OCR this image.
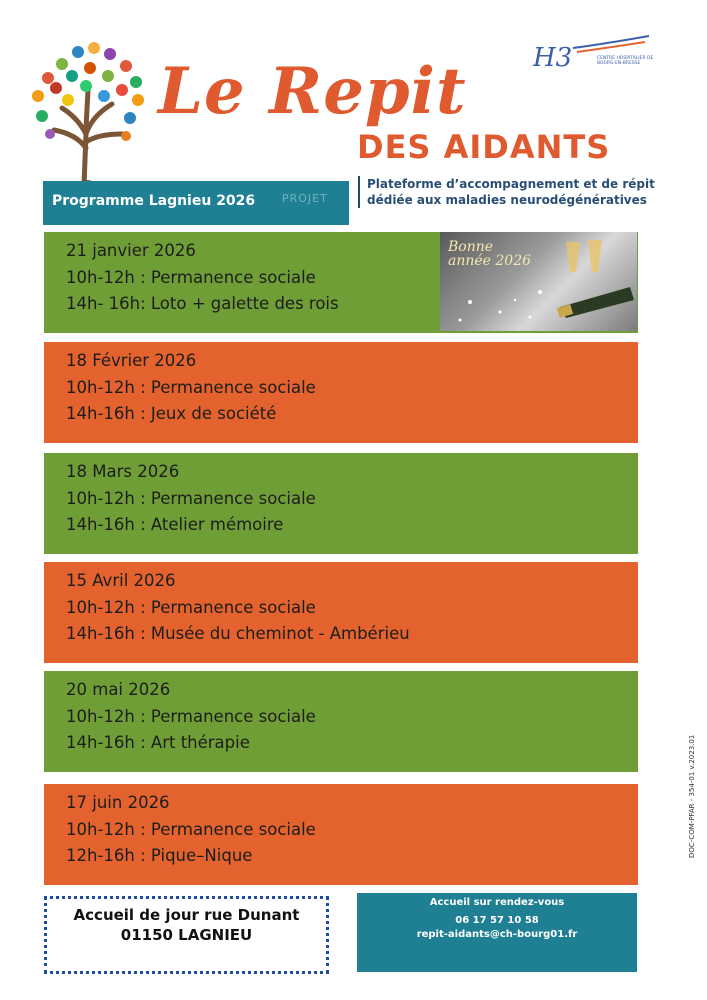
Le Repit
DES AIDANTS
H3	CENTRE HOSPITALIER DE BOURG-EN-BRESSE
Programme Lagnieu 2026 PROJET
Plateforme d’accompagnement et de répit
dédiée aux maladies neurodégénératives
21 janvier 2026
10h-12h : Permanence sociale
14h- 16h: Loto + galette des rois
Bonne année 2026
18 Février 2026
10h-12h : Permanence sociale
14h-16h : Jeux de société
18 Mars 2026
10h-12h : Permanence sociale
14h-16h : Atelier mémoire
15 Avril 2026
10h-12h : Permanence sociale
14h-16h : Musée du cheminot - Ambérieu
20 mai 2026
10h-12h : Permanence sociale
14h-16h : Art thérapie
17 juin 2026
10h-12h : Permanence sociale
12h-16h : Pique–Nique
Accueil de jour rue Dunant
01150 LAGNIEU
Accueil sur rendez-vous
06 17 57 10 58
repit-aidants@ch-bourg01.fr
DOC-COM-PFAR - 354-01 v.2023.01
